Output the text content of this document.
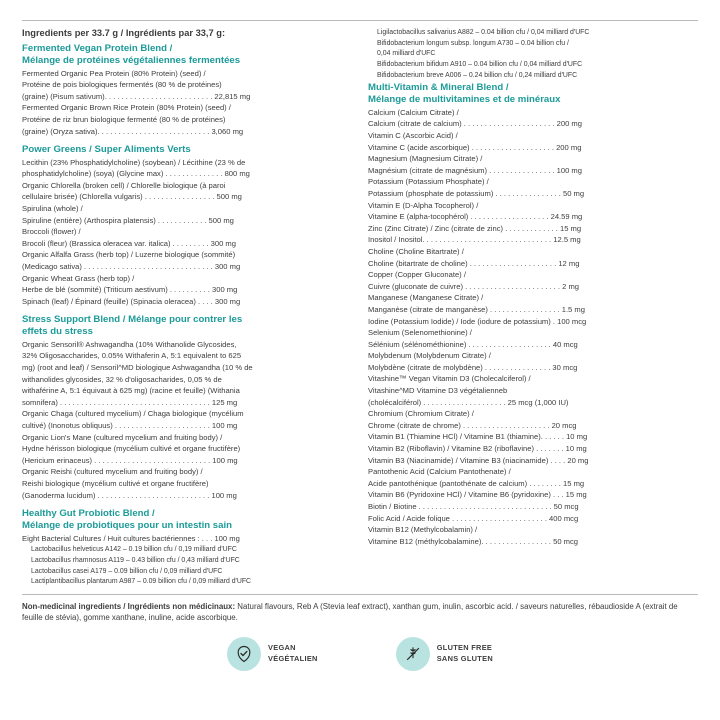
Ingredients per 33.7 g / Ingrédients par 33,7 g:
Fermented Vegan Protein Blend /
Mélange de protéines végétaliennes fermentées
Fermented Organic Pea Protein (80% Protein) (seed) /
Protéine de pois biologiques fermentés (80 % de protéines)
(graine) (Pisum sativum). . . . . . . . . . . . . . . . . . . . . . . . . . 22,815 mg
Fermented Organic Brown Rice Protein (80% Protein) (seed) /
Protéine de riz brun biologique fermenté (80 % de protéines)
(graine) (Oryza sativa). . . . . . . . . . . . . . . . . . . . . . . . . . . 3,060 mg
Power Greens / Super Aliments Verts
Lecithin (23% Phosphatidylcholine) (soybean) / Lécithine (23 % de
phosphatidylcholine) (soya) (Glycine max) . . . . . . . . . . . . . . 800 mg
Organic Chlorella (broken cell) / Chlorelle biologique (à paroi
cellulaire brisée) (Chlorella vulgaris) . . . . . . . . . . . . . . . . . 500 mg
Spirulina (whole) /
Spiruline (entière) (Arthospira platensis) . . . . . . . . . . . . 500 mg
Broccoli (flower) /
Brocoli (fleur) (Brassica oleracea var. italica) . . . . . . . . . 300 mg
Organic Alfalfa Grass (herb top) / Luzerne biologique (sommité)
(Medicago sativa) . . . . . . . . . . . . . . . . . . . . . . . . . . . . . . . 300 mg
Organic Wheat Grass (herb top) /
Herbe de blé (sommité) (Triticum aestivum) . . . . . . . . . . 300 mg
Spinach (leaf) / Épinard (feuille) (Spinacia oleracea) . . . . 300 mg
Stress Support Blend / Mélange pour contrer les
effets du stress
Organic Sensoril® Ashwagandha (10% Withanolide Glycosides,
32% Oligosaccharides, 0.05% Withaferin A, 5:1 equivalent to 625
mg) (root and leaf) / Sensoril^MD biologique Ashwagandha (10 % de
withanolides glycosides, 32 % d'oligosacharides, 0,05 % de
withaférine A, 5:1 équivaut à 625 mg) (racine et feuille) (Withania
somnifera) . . . . . . . . . . . . . . . . . . . . . . . . . . . . . . . . . . . . 125 mg
Organic Chaga (cultured mycelium) / Chaga biologique (mycélium
cultivé) (Inonotus obliquus) . . . . . . . . . . . . . . . . . . . . . . . 100 mg
Organic Lion's Mane (cultured mycelium and fruiting body) /
Hydne hérisson biologique (mycélium cultivé et organe fructifère)
(Hericium erinaceus) . . . . . . . . . . . . . . . . . . . . . . . . . . . . 100 mg
Organic Reishi (cultured mycelium and fruiting body) /
Reishi biologique (mycélium cultivé et organe fructifère)
(Ganoderma lucidum) . . . . . . . . . . . . . . . . . . . . . . . . . . . 100 mg
Healthy Gut Probiotic Blend /
Mélange de probiotiques pour un intestin sain
Eight Bacterial Cultures / Huit cultures bactériennes : . . . 100 mg
Lactobacillus helveticus A142 – 0.19 billion cfu / 0,19 milliard d'UFC
Lactobacillus rhamnosus A119 – 0.43 billion cfu / 0,43 milliard d'UFC
Lactobacillus casei A179 – 0.09 billion cfu / 0,09 milliard d'UFC
Lactiplantibacillus plantarum A987 – 0.09 billion cfu / 0,09 milliard d'UFC
Ligilactobacillus salivarius A882 – 0.04 billion cfu / 0,04 milliard d'UFC
Bifidobacterium longum subsp. longum A730 – 0.04 billion cfu /
0,04 milliard d'UFC
Bifidobacterium bifidum A910 – 0.04 billion cfu / 0,04 milliard d'UFC
Bifidobacterium breve A006 – 0.24 billion cfu / 0,24 milliard d'UFC
Multi-Vitamin & Mineral Blend /
Mélange de multivitamines et de minéraux
Calcium (Calcium Citrate) /
Calcium (citrate de calcium) . . . . . . . . . . . . . . . . . . . . . . 200 mg
Vitamin C (Ascorbic Acid) /
Vitamine C (acide ascorbique) . . . . . . . . . . . . . . . . . . . . 200 mg
Magnesium (Magnesium Citrate) /
Magnésium (citrate de magnésium) . . . . . . . . . . . . . . . . 100 mg
Potassium (Potassium Phosphate) /
Potassium (phosphate de potassium) . . . . . . . . . . . . . . . . 50 mg
Vitamin E (D-Alpha Tocopherol) /
Vitamine E (alpha-tocophérol) . . . . . . . . . . . . . . . . . . . 24.59 mg
Zinc (Zinc Citrate) / Zinc (citrate de zinc) . . . . . . . . . . . . . 15 mg
Inositol / Inositol. . . . . . . . . . . . . . . . . . . . . . . . . . . . . . . 12.5 mg
Choline (Choline Bitartrate) /
Choline (bitartrate de choline) . . . . . . . . . . . . . . . . . . . . . 12 mg
Copper (Copper Gluconate) /
Cuivre (gluconate de cuivre) . . . . . . . . . . . . . . . . . . . . . . . 2 mg
Manganese (Manganese Citrate) /
Manganèse (citrate de manganèse) . . . . . . . . . . . . . . . . . 1.5 mg
Iodine (Potassium Iodide) / Iode (iodure de potassium) . 100 mcg
Selenium (Selenomethionine) /
Sélénium (sélénométhionine) . . . . . . . . . . . . . . . . . . . . 40 mcg
Molybdenum (Molybdenum Citrate) /
Molybdène (citrate de molybdène) . . . . . . . . . . . . . . . . 30 mcg
Vitashine™ Vegan Vitamin D3 (Cholecalciferol) /
Vitashine^MD Vitamine D3 végétalienneb
(cholécalciférol) . . . . . . . . . . . . . . . . . . . . 25 mcg (1,000 IU)
Chromium (Chromium Citrate) /
Chrome (citrate de chrome) . . . . . . . . . . . . . . . . . . . . . 20 mcg
Vitamin B1 (Thiamine HCl) / Vitamine B1 (thiamine). . . . . . 10 mg
Vitamin B2 (Riboflavin) / Vitamine B2 (riboflavine) . . . . . . . 10 mg
Vitamin B3 (Niacinamide) / Vitamine B3 (niacinamide) . . . . 20 mg
Pantothenic Acid (Calcium Pantothenate) /
Acide pantothénique (pantothénate de calcium) . . . . . . . . 15 mg
Vitamin B6 (Pyridoxine HCl) / Vitamine B6 (pyridoxine) . . . 15 mg
Biotin / Biotine . . . . . . . . . . . . . . . . . . . . . . . . . . . . . . . . 50 mcg
Folic Acid / Acide folique . . . . . . . . . . . . . . . . . . . . . . . 400 mcg
Vitamin B12 (Methylcobalamin) /
Vitamine B12 (méthylcobalamine). . . . . . . . . . . . . . . . . 50 mcg
Non-medicinal ingredients / Ingrédients non médicinaux: Natural flavours, Reb A (Stevia leaf extract), xanthan gum, inulin, ascorbic acid. / saveurs naturelles, rébaudioside A (extrait de feuille de stévia), gomme xanthane, inuline, acide ascorbique.
VEGAN
VÉGÉTALIEN
GLUTEN FREE
SANS GLUTEN
